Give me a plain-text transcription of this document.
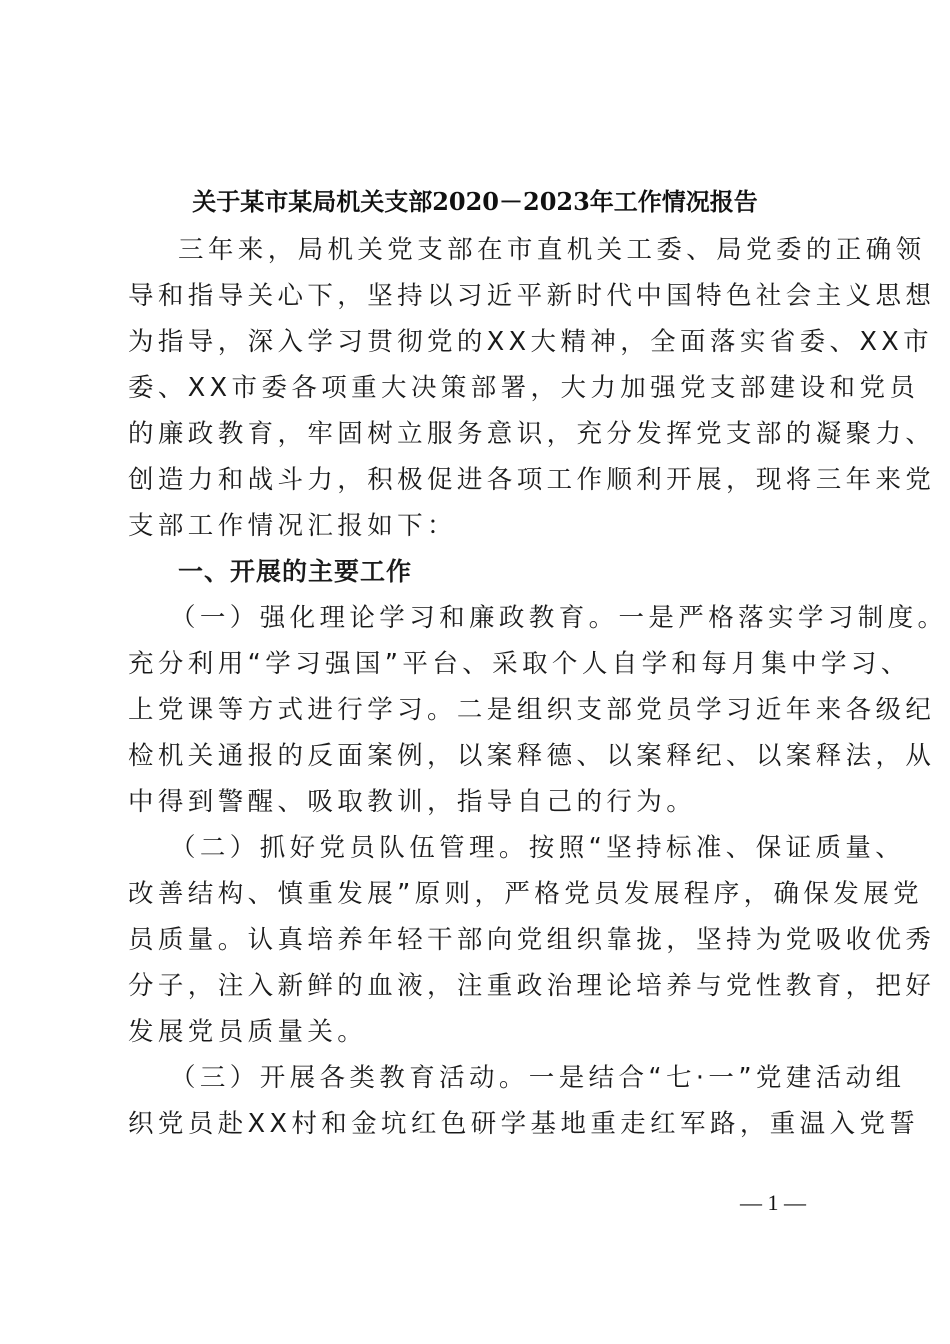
关于某市某局机关支部2020－2023年工作情况报告
三年来，局机关党支部在市直机关工委、局党委的正确领
导和指导关心下，坚持以习近平新时代中国特色社会主义思想
为指导，深入学习贯彻党的XX大精神，全面落实省委、XX市
委、XX市委各项重大决策部署，大力加强党支部建设和党员
的廉政教育，牢固树立服务意识，充分发挥党支部的凝聚力、
创造力和战斗力，积极促进各项工作顺利开展，现将三年来党
支部工作情况汇报如下：
一、开展的主要工作
（一）强化理论学习和廉政教育。一是严格落实学习制度。
充分利用“学习强国”平台、采取个人自学和每月集中学习、
上党课等方式进行学习。二是组织支部党员学习近年来各级纪
检机关通报的反面案例，以案释德、以案释纪、以案释法，从
中得到警醒、吸取教训，指导自己的行为。
（二）抓好党员队伍管理。按照“坚持标准、保证质量、
改善结构、慎重发展”原则，严格党员发展程序，确保发展党
员质量。认真培养年轻干部向党组织靠拢，坚持为党吸收优秀
分子，注入新鲜的血液，注重政治理论培养与党性教育，把好
发展党员质量关。
（三）开展各类教育活动。一是结合“七·一”党建活动组
织党员赴XX村和金坑红色研学基地重走红军路，重温入党誓
— 1 —
